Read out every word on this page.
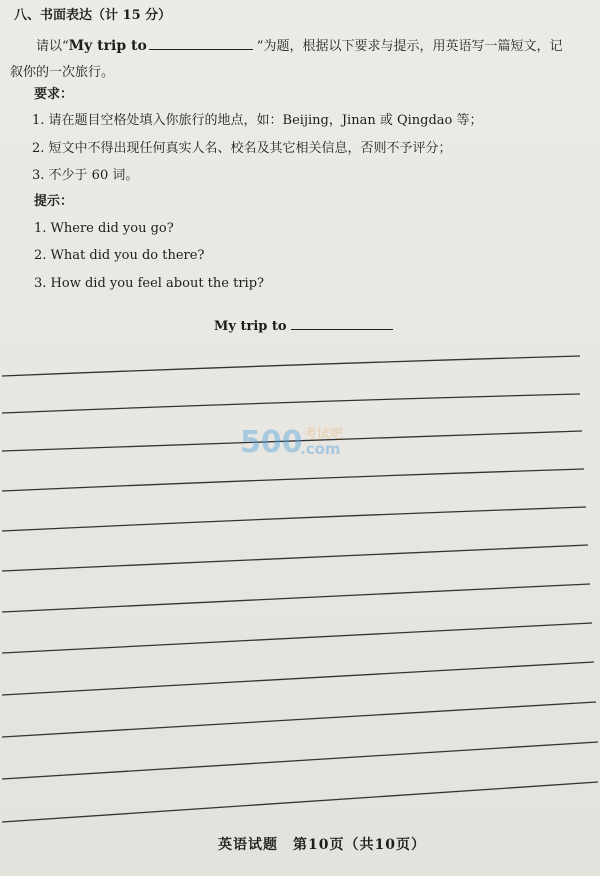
八、书面表达（计 15 分）
请以“My trip to	”为题，根据以下要求与提示，用英语写一篇短文，记
叙你的一次旅行。
要求：
1. 请在题目空格处填入你旅行的地点，如：Beijing，Jinan 或 Qingdao 等；
2. 短文中不得出现任何真实人名、校名及其它相关信息，否则不予评分；
3. 不少于 60 词。
提示：
1. Where did you go?
2. What did you do there?
3. How did you feel about the trip?
My trip to
500 考试吧
.com
英语试题　第10页（共10页）
